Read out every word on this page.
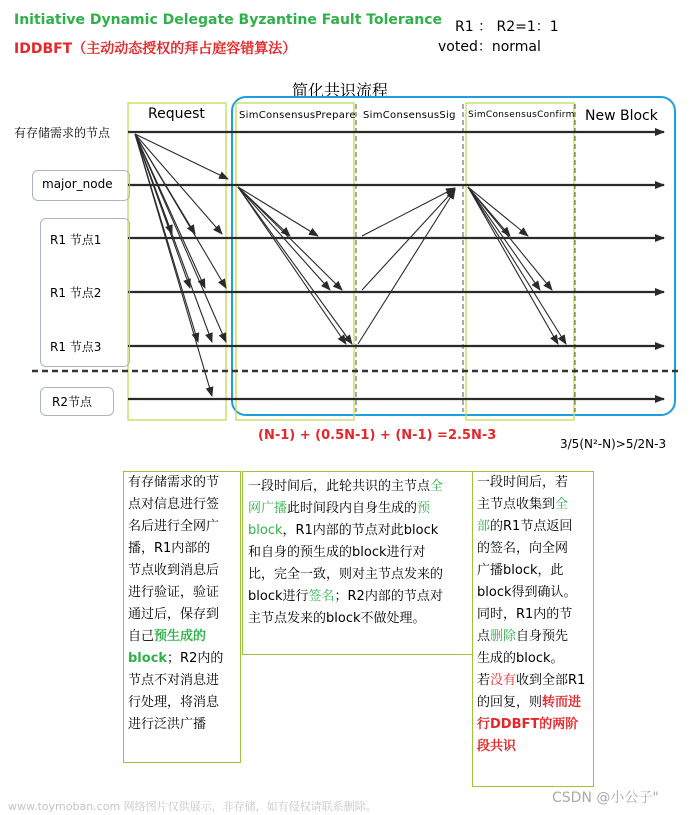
Initiative Dynamic Delegate Byzantine Fault Tolerance
IDDBFT（主动动态授权的拜占庭容错算法）
R1 ： R2=1：1
voted：normal
简化共识流程
有存储需求的节点
major_node
R1 节点1
R1 节点2
R1 节点3
R2节点
Request	SimConsensusPrepare SimConsensusSig SimConsensusConfirm New Block
(N-1) + (0.5N-1) + (N-1) =2.5N-3
3/5(N²-N)>5/2N-3
有存储需求的节
点对信息进行签
名后进行全网广
播，R1内部的
节点收到消息后
进行验证，验证
通过后，保存到
自己预生成的
block；R2内的
节点不对消息进
行处理，将消息
进行泛洪广播
一段时间后，此轮共识的主节点全
网广播此时间段内自身生成的预
block，R1内部的节点对此block
和自身的预生成的block进行对
比，完全一致，则对主节点发来的
block进行签名；R2内部的节点对
主节点发来的block不做处理。
一段时间后，若
主节点收集到全
部的R1节点返回
的签名，向全网
广播block，此
block得到确认。
同时，R1内的节
点删除自身预先
生成的block。
若没有收到全部R1
的回复，则转而进
行DDBFT的两阶
段共识
www.toymoban.com 网络图片仅供展示，非存储，如有侵权请联系删除。
CSDN @小公子"
